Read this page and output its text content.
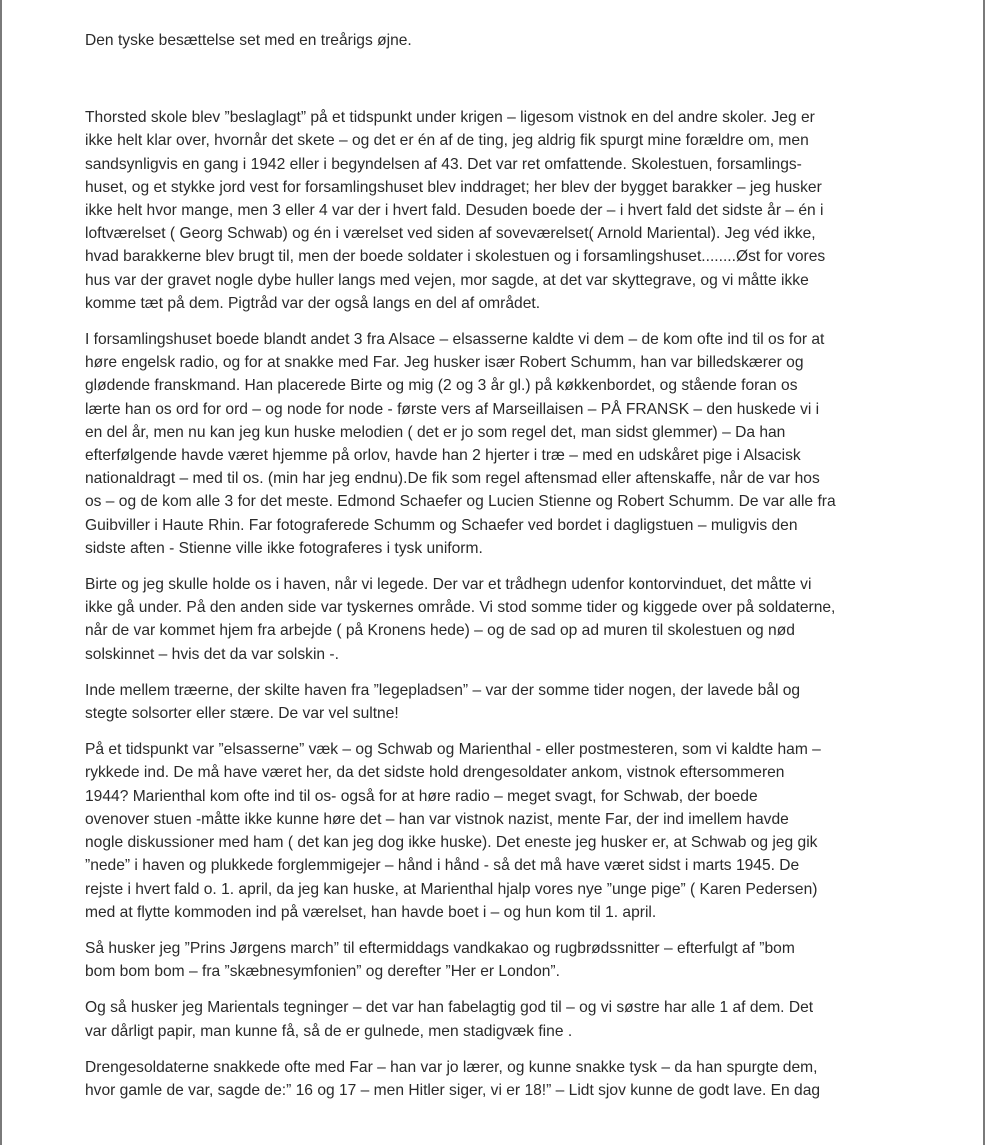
Den tyske besættelse set med en treårigs øjne.

Thorsted skole blev ”beslaglagt” på et tidspunkt under krigen – ligesom vistnok en del andre skoler. Jeg er
ikke helt klar over, hvornår det skete – og det er én af de ting, jeg aldrig fik spurgt mine forældre om, men
sandsynligvis en gang i 1942 eller i begyndelsen af 43. Det var ret omfattende. Skolestuen, forsamlings-
huset, og et stykke jord vest for forsamlingshuset blev inddraget; her blev der bygget barakker – jeg husker
ikke helt hvor mange, men 3 eller 4 var der i hvert fald. Desuden boede der – i hvert fald det sidste år – én i
loftværelset ( Georg Schwab) og én i værelset ved siden af soveværelset( Arnold Mariental). Jeg véd ikke,
hvad barakkerne blev brugt til, men der boede soldater i skolestuen og i forsamlingshuset........Øst for vores
hus var der gravet nogle dybe huller langs med vejen, mor sagde, at det var skyttegrave, og vi måtte ikke
komme tæt på dem. Pigtråd var der også langs en del af området.

I forsamlingshuset boede blandt andet 3 fra Alsace – elsasserne kaldte vi dem – de kom ofte ind til os for at
høre engelsk radio, og for at snakke med Far. Jeg husker især Robert Schumm, han var billedskærer og
glødende franskmand. Han placerede Birte og mig (2 og 3 år gl.) på køkkenbordet, og stående foran os
lærte han os ord for ord – og node for node - første vers af Marseillaisen – PÅ FRANSK – den huskede vi i
en del år, men nu kan jeg kun huske melodien ( det er jo som regel det, man sidst glemmer) – Da han
efterfølgende havde været hjemme på orlov, havde han 2 hjerter i træ – med en udskåret pige i Alsacisk
nationaldragt – med til os. (min har jeg endnu).De fik som regel aftensmad eller aftenskaffe, når de var hos
os – og de kom alle 3 for det meste. Edmond Schaefer og Lucien Stienne og Robert Schumm. De var alle fra
Guibviller i Haute Rhin. Far fotograferede Schumm og Schaefer ved bordet i dagligstuen – muligvis den
sidste aften - Stienne ville ikke fotograferes i tysk uniform.

Birte og jeg skulle holde os i haven, når vi legede. Der var et trådhegn udenfor kontorvinduet, det måtte vi
ikke gå under. På den anden side var tyskernes område. Vi stod somme tider og kiggede over på soldaterne,
når de var kommet hjem fra arbejde ( på Kronens hede) – og de sad op ad muren til skolestuen og nød
solskinnet – hvis det da var solskin -.

Inde mellem træerne, der skilte haven fra ”legepladsen” – var der somme tider nogen, der lavede bål og
stegte solsorter eller stære. De var vel sultne!

På et tidspunkt var ”elsasserne” væk – og Schwab og Marienthal - eller postmesteren, som vi kaldte ham –
rykkede ind. De må have været her, da det sidste hold drengesoldater ankom, vistnok eftersommeren
1944? Marienthal kom ofte ind til os- også for at høre radio – meget svagt, for Schwab, der boede
ovenover stuen -måtte ikke kunne høre det – han var vistnok nazist, mente Far, der ind imellem havde
nogle diskussioner med ham ( det kan jeg dog ikke huske). Det eneste jeg husker er, at Schwab og jeg gik
”nede” i haven og plukkede forglemmigejer – hånd i hånd - så det må have været sidst i marts 1945. De
rejste i hvert fald o. 1. april, da jeg kan huske, at Marienthal hjalp vores nye ”unge pige” ( Karen Pedersen)
med at flytte kommoden ind på værelset, han havde boet i – og hun kom til 1. april.

Så husker jeg ”Prins Jørgens march” til eftermiddags vandkakao og rugbrødssnitter – efterfulgt af ”bom
bom bom bom – fra ”skæbnesymfonien” og derefter ”Her er London”.

Og så husker jeg Marientals tegninger – det var han fabelagtig god til – og vi søstre har alle 1 af dem. Det
var dårligt papir, man kunne få, så de er gulnede, men stadigvæk fine .

Drengesoldaterne snakkede ofte med Far – han var jo lærer, og kunne snakke tysk – da han spurgte dem,
hvor gamle de var, sagde de:” 16 og 17 – men Hitler siger, vi er 18!” – Lidt sjov kunne de godt lave. En dag
